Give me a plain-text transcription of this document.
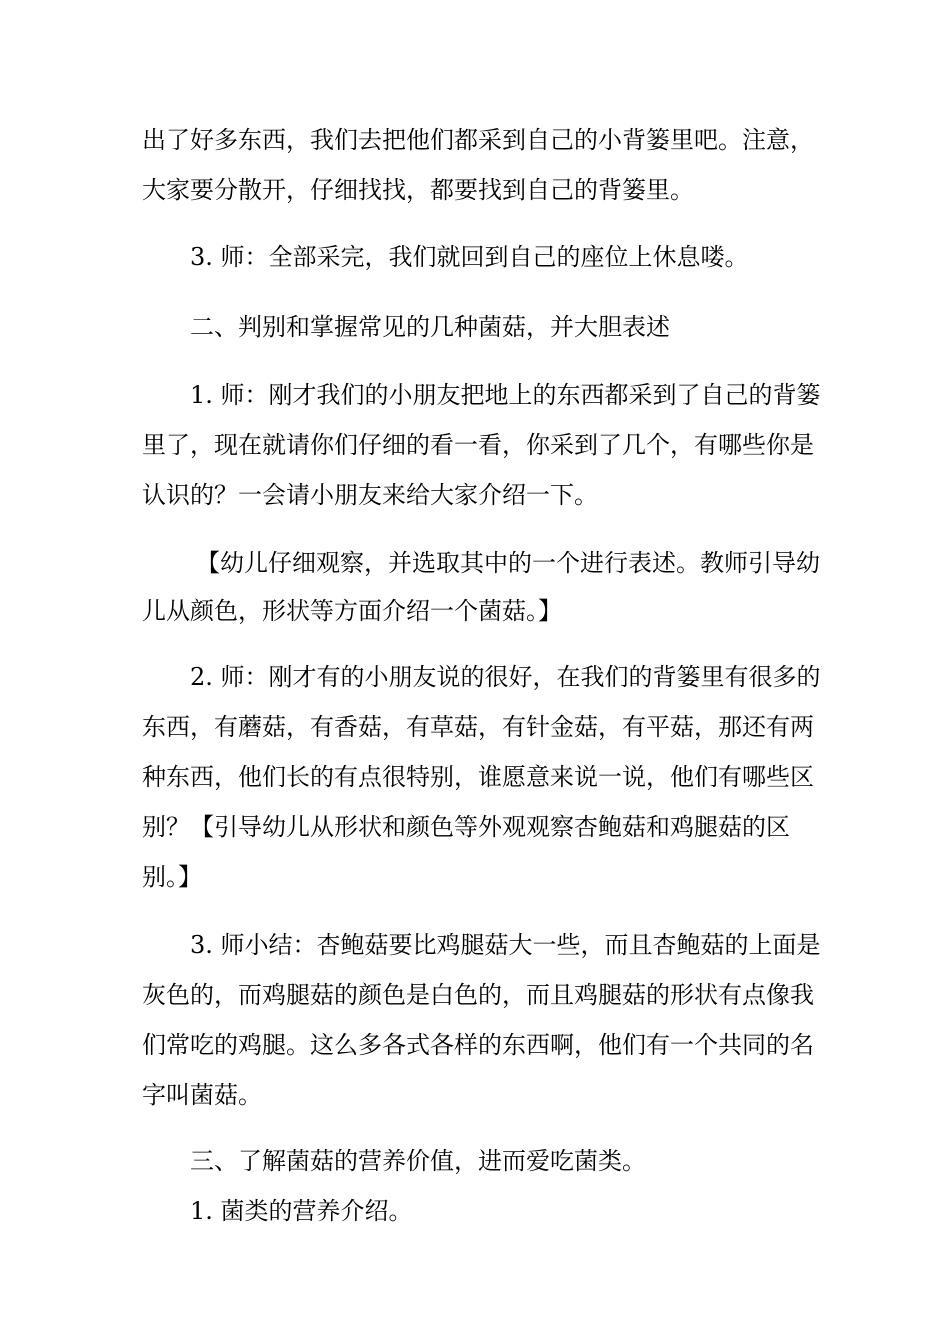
出了好多东西，我们去把他们都采到自己的小背篓里吧。注意，

大家要分散开，仔细找找，都要找到自己的背篓里。

3. 师：全部采完，我们就回到自己的座位上休息喽。

二、判别和掌握常见的几种菌菇，并大胆表述

1. 师：刚才我们的小朋友把地上的东西都采到了自己的背篓

里了，现在就请你们仔细的看一看，你采到了几个，有哪些你是

认识的？一会请小朋友来给大家介绍一下。

【幼儿仔细观察，并选取其中的一个进行表述。教师引导幼

儿从颜色，形状等方面介绍一个菌菇。】

2. 师：刚才有的小朋友说的很好，在我们的背篓里有很多的

东西，有蘑菇，有香菇，有草菇，有针金菇，有平菇，那还有两

种东西，他们长的有点很特别，谁愿意来说一说，他们有哪些区

别？【引导幼儿从形状和颜色等外观观察杏鲍菇和鸡腿菇的区

别。】

3. 师小结：杏鲍菇要比鸡腿菇大一些，而且杏鲍菇的上面是

灰色的，而鸡腿菇的颜色是白色的，而且鸡腿菇的形状有点像我

们常吃的鸡腿。这么多各式各样的东西啊，他们有一个共同的名

字叫菌菇。

三、了解菌菇的营养价值，进而爱吃菌类。

1. 菌类的营养介绍。
